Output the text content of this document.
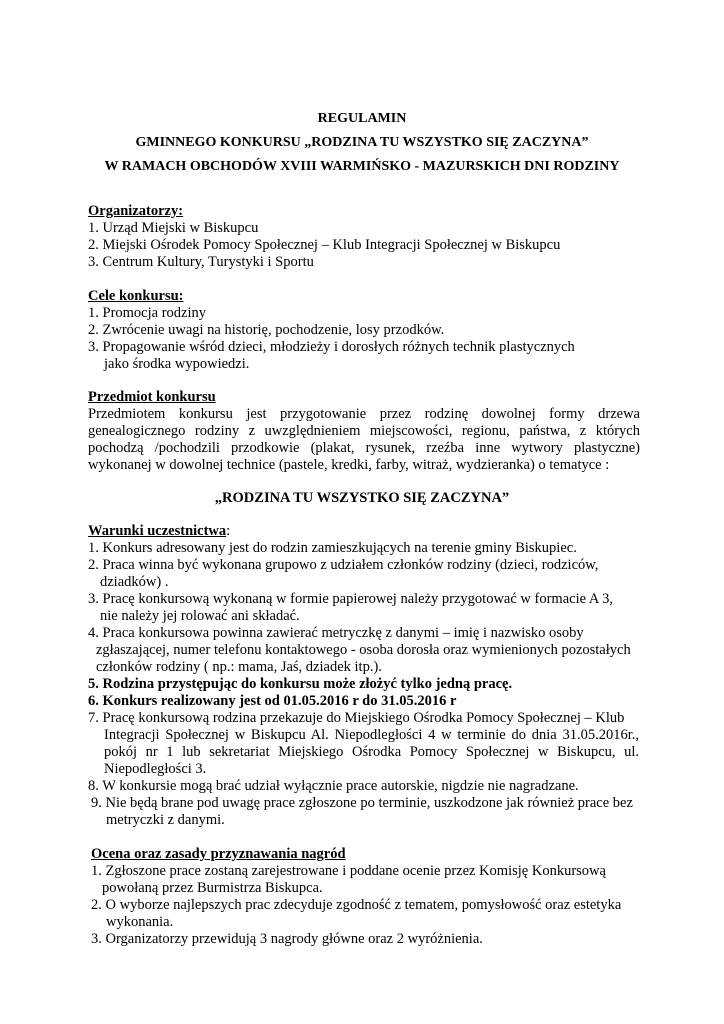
REGULAMIN
GMINNEGO KONKURSU „RODZINA TU WSZYSTKO SIĘ ZACZYNA”
W RAMACH OBCHODÓW XVIII WARMIŃSKO - MAZURSKICH DNI RODZINY
Organizatorzy:
1. Urząd Miejski w Biskupcu
2. Miejski Ośrodek Pomocy Społecznej – Klub Integracji Społecznej w Biskupcu
3. Centrum Kultury, Turystyki i Sportu
Cele konkursu:
1. Promocja rodziny
2. Zwrócenie uwagi na historię, pochodzenie, losy przodków.
3. Propagowanie wśród dzieci, młodzieży i dorosłych różnych technik plastycznych
jako środka wypowiedzi.
Przedmiot konkursu
Przedmiotem konkursu jest przygotowanie przez rodzinę dowolnej formy drzewa
genealogicznego rodziny z uwzględnieniem miejscowości, regionu, państwa, z których
pochodzą /pochodzili przodkowie (plakat, rysunek, rzeźba inne wytwory plastyczne)
wykonanej w dowolnej technice (pastele, kredki, farby, witraż, wydzieranka) o tematyce :
„RODZINA TU WSZYSTKO SIĘ ZACZYNA”
Warunki uczestnictwa:
1. Konkurs adresowany jest do rodzin zamieszkujących na terenie gminy Biskupiec.
2. Praca winna być wykonana grupowo z udziałem członków rodziny (dzieci, rodziców,
dziadków) .
3. Pracę konkursową wykonaną w formie papierowej należy przygotować w formacie A 3,
nie należy jej rolować ani składać.
4. Praca konkursowa powinna zawierać metryczkę z danymi – imię i nazwisko osoby
zgłaszającej, numer telefonu kontaktowego - osoba dorosła oraz wymienionych pozostałych
członków rodziny ( np.: mama, Jaś, dziadek itp.).
5. Rodzina przystępując do konkursu może złożyć tylko jedną pracę.
6. Konkurs realizowany jest od 01.05.2016 r do 31.05.2016 r
7. Pracę konkursową rodzina przekazuje do Miejskiego Ośrodka Pomocy Społecznej – Klub
Integracji Społecznej w Biskupcu Al. Niepodległości 4 w terminie do dnia 31.05.2016r.,
pokój nr 1 lub sekretariat Miejskiego Ośrodka Pomocy Społecznej w Biskupcu, ul.
Niepodległości 3.
8. W konkursie mogą brać udział wyłącznie prace autorskie, nigdzie nie nagradzane.
9. Nie będą brane pod uwagę prace zgłoszone po terminie, uszkodzone jak również prace bez
metryczki z danymi.
Ocena oraz zasady przyznawania nagród
1. Zgłoszone prace zostaną zarejestrowane i poddane ocenie przez Komisję Konkursową
powołaną przez Burmistrza Biskupca.
2. O wyborze najlepszych prac zdecyduje zgodność z tematem, pomysłowość oraz estetyka
wykonania.
3. Organizatorzy przewidują 3 nagrody główne oraz 2 wyróżnienia.
